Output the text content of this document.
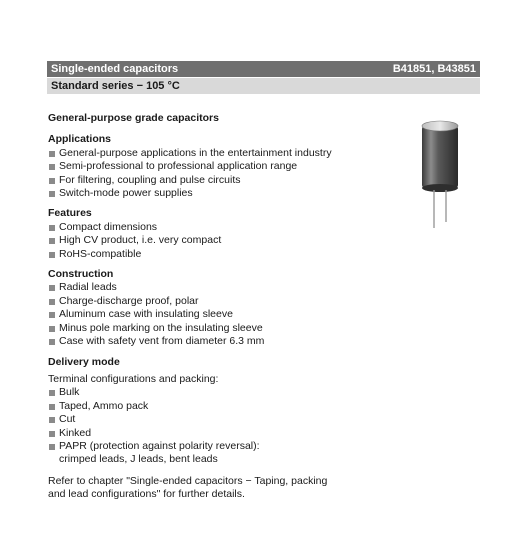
Single-ended capacitors	B41851, B43851
Standard series − 105 °C

General-purpose grade capacitors

Applications

General-purpose applications in the entertainment industry
Semi-professional to professional application range
For filtering, coupling and pulse circuits
Switch-mode power supplies

Features

Compact dimensions
High CV product, i.e. very compact
RoHS-compatible

Construction

Radial leads
Charge-discharge proof, polar
Aluminum case with insulating sleeve
Minus pole marking on the insulating sleeve
Case with safety vent from diameter 6.3 mm

Delivery mode

Terminal configurations and packing:

Bulk
Taped, Ammo pack
Cut
Kinked
PAPR (protection against polarity reversal):
crimped leads, J leads, bent leads

Refer to chapter "Single-ended capacitors − Taping, packing

and lead configurations" for further details.
